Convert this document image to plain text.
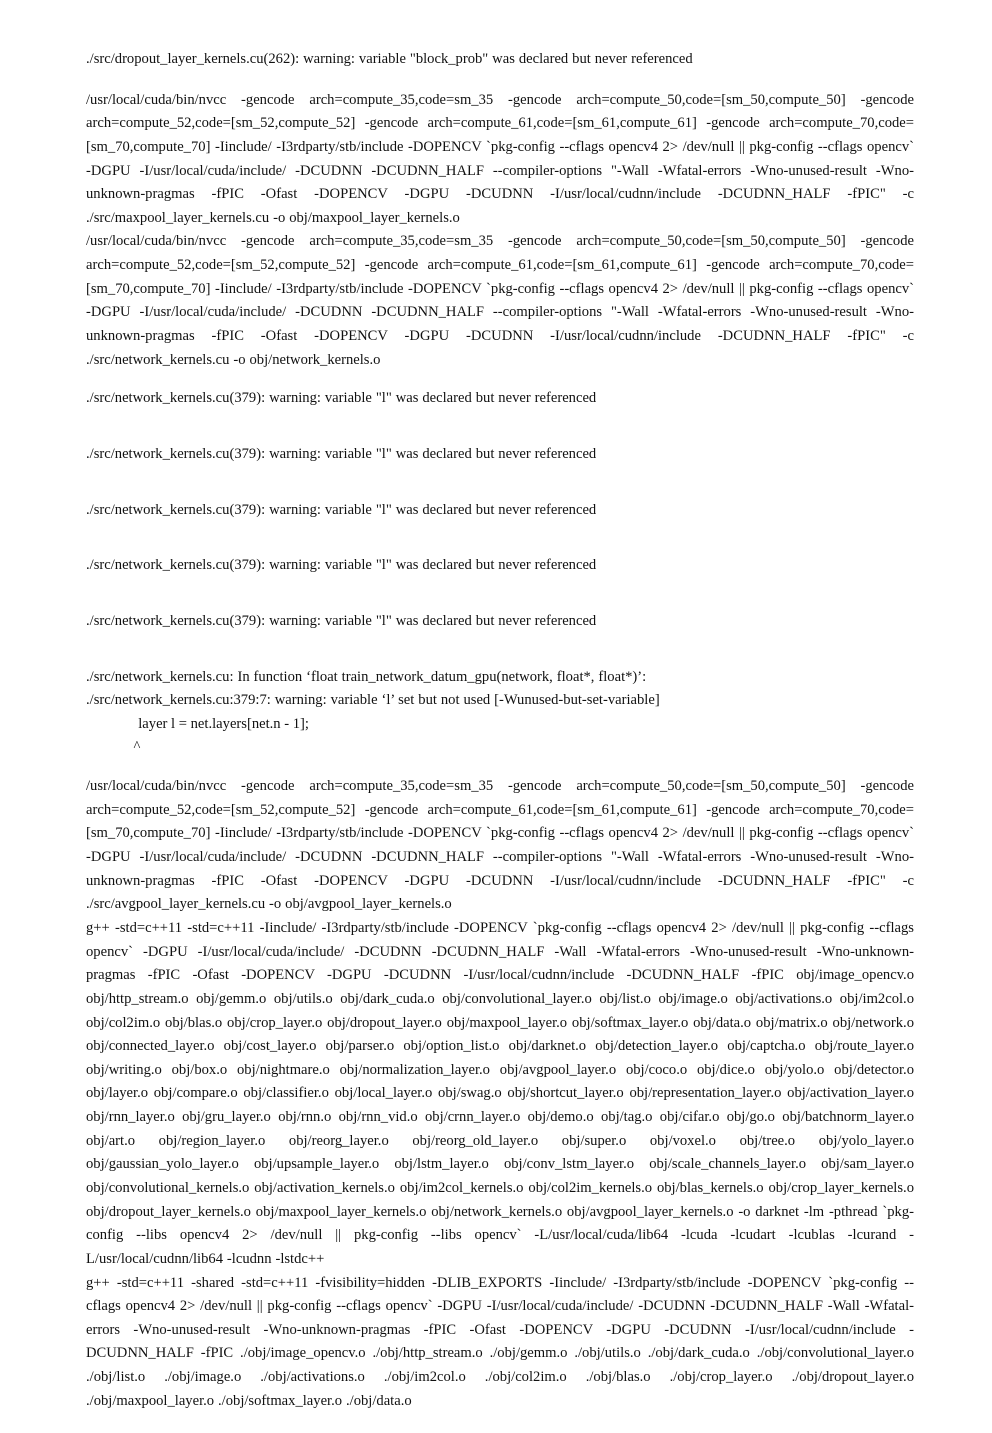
./src/dropout_layer_kernels.cu(262): warning: variable "block_prob" was declared but never referenced
/usr/local/cuda/bin/nvcc -gencode arch=compute_35,code=sm_35 -gencode arch=compute_50,code=[sm_50,compute_50] -gencode arch=compute_52,code=[sm_52,compute_52] -gencode arch=compute_61,code=[sm_61,compute_61] -gencode arch=compute_70,code=[sm_70,compute_70] -Iinclude/ -I3rdparty/stb/include -DOPENCV `pkg-config --cflags opencv4 2> /dev/null || pkg-config --cflags opencv` -DGPU -I/usr/local/cuda/include/ -DCUDNN -DCUDNN_HALF --compiler-options "-Wall -Wfatal-errors -Wno-unused-result -Wno-unknown-pragmas -fPIC -Ofast -DOPENCV -DGPU -DCUDNN -I/usr/local/cudnn/include -DCUDNN_HALF -fPIC" -c ./src/maxpool_layer_kernels.cu -o obj/maxpool_layer_kernels.o
/usr/local/cuda/bin/nvcc -gencode arch=compute_35,code=sm_35 -gencode arch=compute_50,code=[sm_50,compute_50] -gencode arch=compute_52,code=[sm_52,compute_52] -gencode arch=compute_61,code=[sm_61,compute_61] -gencode arch=compute_70,code=[sm_70,compute_70] -Iinclude/ -I3rdparty/stb/include -DOPENCV `pkg-config --cflags opencv4 2> /dev/null || pkg-config --cflags opencv` -DGPU -I/usr/local/cuda/include/ -DCUDNN -DCUDNN_HALF --compiler-options "-Wall -Wfatal-errors -Wno-unused-result -Wno-unknown-pragmas -fPIC -Ofast -DOPENCV -DGPU -DCUDNN -I/usr/local/cudnn/include -DCUDNN_HALF -fPIC" -c ./src/network_kernels.cu -o obj/network_kernels.o
./src/network_kernels.cu(379): warning: variable "l" was declared but never referenced
./src/network_kernels.cu(379): warning: variable "l" was declared but never referenced
./src/network_kernels.cu(379): warning: variable "l" was declared but never referenced
./src/network_kernels.cu(379): warning: variable "l" was declared but never referenced
./src/network_kernels.cu(379): warning: variable "l" was declared but never referenced
./src/network_kernels.cu: In function ‘float train_network_datum_gpu(network, float*, float*)’:
./src/network_kernels.cu:379:7: warning: variable ‘l’ set but not used [-Wunused-but-set-variable]
layer l = net.layers[net.n - 1];
^
/usr/local/cuda/bin/nvcc -gencode arch=compute_35,code=sm_35 -gencode arch=compute_50,code=[sm_50,compute_50] -gencode arch=compute_52,code=[sm_52,compute_52] -gencode arch=compute_61,code=[sm_61,compute_61] -gencode arch=compute_70,code=[sm_70,compute_70] -Iinclude/ -I3rdparty/stb/include -DOPENCV `pkg-config --cflags opencv4 2> /dev/null || pkg-config --cflags opencv` -DGPU -I/usr/local/cuda/include/ -DCUDNN -DCUDNN_HALF --compiler-options "-Wall -Wfatal-errors -Wno-unused-result -Wno-unknown-pragmas -fPIC -Ofast -DOPENCV -DGPU -DCUDNN -I/usr/local/cudnn/include -DCUDNN_HALF -fPIC" -c ./src/avgpool_layer_kernels.cu -o obj/avgpool_layer_kernels.o
g++ -std=c++11 -std=c++11 -Iinclude/ -I3rdparty/stb/include -DOPENCV `pkg-config --cflags opencv4 2> /dev/null || pkg-config --cflags opencv` -DGPU -I/usr/local/cuda/include/ -DCUDNN -DCUDNN_HALF -Wall -Wfatal-errors -Wno-unused-result -Wno-unknown-pragmas -fPIC -Ofast -DOPENCV -DGPU -DCUDNN -I/usr/local/cudnn/include -DCUDNN_HALF -fPIC obj/image_opencv.o obj/http_stream.o obj/gemm.o obj/utils.o obj/dark_cuda.o obj/convolutional_layer.o obj/list.o obj/image.o obj/activations.o obj/im2col.o obj/col2im.o obj/blas.o obj/crop_layer.o obj/dropout_layer.o obj/maxpool_layer.o obj/softmax_layer.o obj/data.o obj/matrix.o obj/network.o obj/connected_layer.o obj/cost_layer.o obj/parser.o obj/option_list.o obj/darknet.o obj/detection_layer.o obj/captcha.o obj/route_layer.o obj/writing.o obj/box.o obj/nightmare.o obj/normalization_layer.o obj/avgpool_layer.o obj/coco.o obj/dice.o obj/yolo.o obj/detector.o obj/layer.o obj/compare.o obj/classifier.o obj/local_layer.o obj/swag.o obj/shortcut_layer.o obj/representation_layer.o obj/activation_layer.o obj/rnn_layer.o obj/gru_layer.o obj/rnn.o obj/rnn_vid.o obj/crnn_layer.o obj/demo.o obj/tag.o obj/cifar.o obj/go.o obj/batchnorm_layer.o obj/art.o obj/region_layer.o obj/reorg_layer.o obj/reorg_old_layer.o obj/super.o obj/voxel.o obj/tree.o obj/yolo_layer.o obj/gaussian_yolo_layer.o obj/upsample_layer.o obj/lstm_layer.o obj/conv_lstm_layer.o obj/scale_channels_layer.o obj/sam_layer.o obj/convolutional_kernels.o obj/activation_kernels.o obj/im2col_kernels.o obj/col2im_kernels.o obj/blas_kernels.o obj/crop_layer_kernels.o obj/dropout_layer_kernels.o obj/maxpool_layer_kernels.o obj/network_kernels.o obj/avgpool_layer_kernels.o -o darknet -lm -pthread `pkg-config --libs opencv4 2> /dev/null || pkg-config --libs opencv` -L/usr/local/cuda/lib64 -lcuda -lcudart -lcublas -lcurand -L/usr/local/cudnn/lib64 -lcudnn -lstdc++
g++ -std=c++11 -shared -std=c++11 -fvisibility=hidden -DLIB_EXPORTS -Iinclude/ -I3rdparty/stb/include -DOPENCV `pkg-config --cflags opencv4 2> /dev/null || pkg-config --cflags opencv` -DGPU -I/usr/local/cuda/include/ -DCUDNN -DCUDNN_HALF -Wall -Wfatal-errors -Wno-unused-result -Wno-unknown-pragmas -fPIC -Ofast -DOPENCV -DGPU -DCUDNN -I/usr/local/cudnn/include -DCUDNN_HALF -fPIC ./obj/image_opencv.o ./obj/http_stream.o ./obj/gemm.o ./obj/utils.o ./obj/dark_cuda.o ./obj/convolutional_layer.o ./obj/list.o ./obj/image.o ./obj/activations.o ./obj/im2col.o ./obj/col2im.o ./obj/blas.o ./obj/crop_layer.o ./obj/dropout_layer.o ./obj/maxpool_layer.o ./obj/softmax_layer.o ./obj/data.o
